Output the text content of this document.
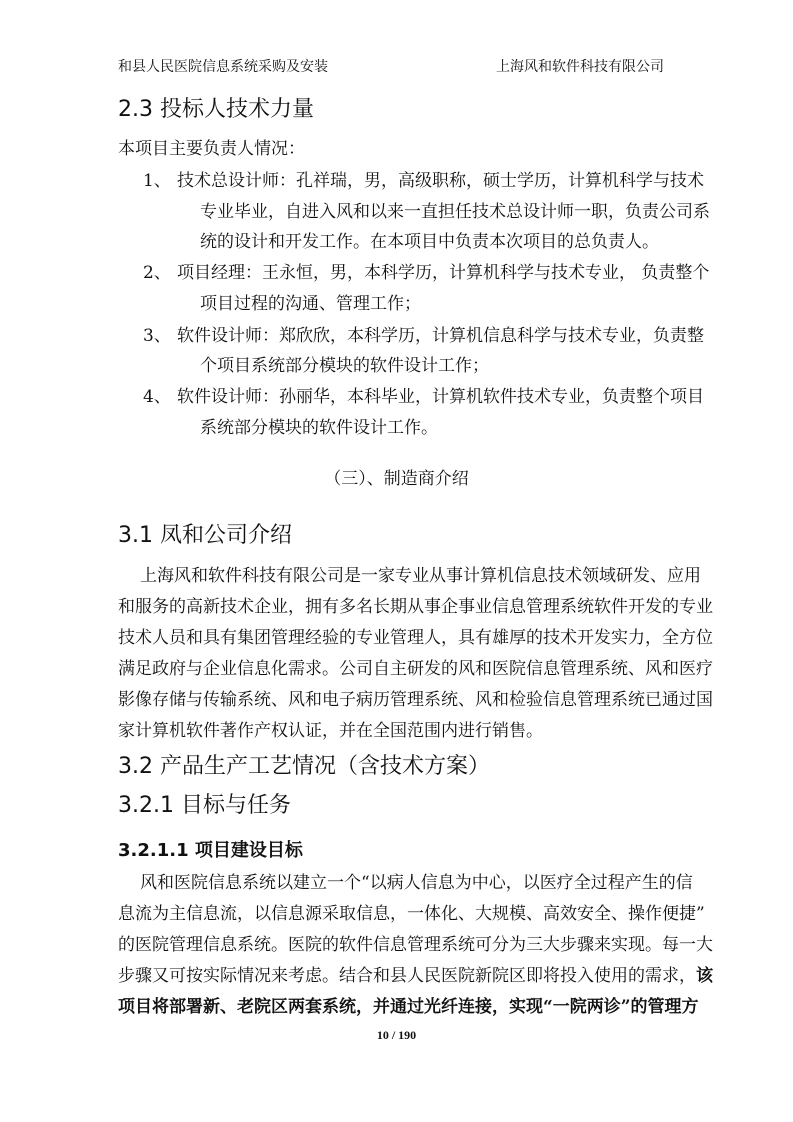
和县人民医院信息系统采购及安装	上海风和软件科技有限公司
2.3 投标人技术力量
本项目主要负责人情况：
1、 技术总设计师：孔祥瑞，男，高级职称，硕士学历，计算机科学与技术
专业毕业，自进入风和以来一直担任技术总设计师一职，负责公司系
统的设计和开发工作。在本项目中负责本次项目的总负责人。
2、 项目经理：王永恒，男，本科学历，计算机科学与技术专业， 负责整个
项目过程的沟通、管理工作；
3、 软件设计师：郑欣欣，本科学历，计算机信息科学与技术专业，负责整
个项目系统部分模块的软件设计工作；
4、 软件设计师：孙丽华，本科毕业，计算机软件技术专业，负责整个项目
系统部分模块的软件设计工作。
（三）、制造商介绍
3.1 凤和公司介绍
上海风和软件科技有限公司是一家专业从事计算机信息技术领域研发、应用
和服务的高新技术企业，拥有多名长期从事企事业信息管理系统软件开发的专业
技术人员和具有集团管理经验的专业管理人，具有雄厚的技术开发实力，全方位
满足政府与企业信息化需求。公司自主研发的风和医院信息管理系统、风和医疗
影像存储与传输系统、风和电子病历管理系统、风和检验信息管理系统已通过国
家计算机软件著作产权认证，并在全国范围内进行销售。
3.2 产品生产工艺情况（含技术方案）
3.2.1 目标与任务
3.2.1.1 项目建设目标
风和医院信息系统以建立一个“以病人信息为中心，以医疗全过程产生的信
息流为主信息流，以信息源采取信息，一体化、大规模、高效安全、操作便捷”
的医院管理信息系统。医院的软件信息管理系统可分为三大步骤来实现。每一大
步骤又可按实际情况来考虑。结合和县人民医院新院区即将投入使用的需求， 该
项目将部署新、老院区两套系统，并通过光纤连接，实现“一院两诊”的管理方
10 / 190
